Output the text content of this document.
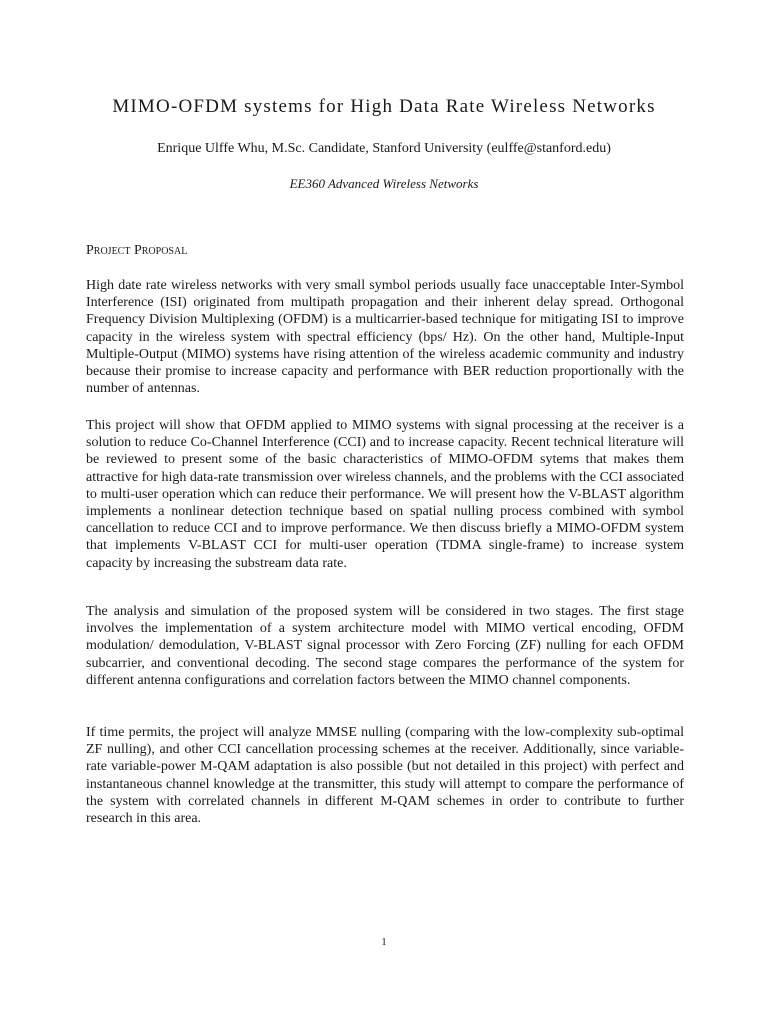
MIMO-OFDM systems for High Data Rate Wireless Networks

Enrique Ulffe Whu, M.Sc. Candidate, Stanford University (eulffe@stanford.edu)

EE360 Advanced Wireless Networks

Project Proposal

High date rate wireless networks with very small symbol periods usually face unacceptable Inter-Symbol Interference (ISI) originated from multipath propagation and their inherent delay spread. Orthogonal Frequency Division Multiplexing (OFDM) is a multicarrier-based technique for mitigating ISI to improve capacity in the wireless system with spectral efficiency (bps/ Hz). On the other hand, Multiple-Input Multiple-Output (MIMO) systems have rising attention of the wireless academic community and industry because their promise to increase capacity and performance with BER reduction proportionally with the number of antennas.

This project will show that OFDM applied to MIMO systems with signal processing at the receiver is a solution to reduce Co-Channel Interference (CCI) and to increase capacity. Recent technical literature will be reviewed to present some of the basic characteristics of MIMO-OFDM sytems that makes them attractive for high data-rate transmission over wireless channels, and the problems with the CCI associated to multi-user operation which can reduce their performance. We will present how the V-BLAST algorithm implements a nonlinear detection technique based on spatial nulling process combined with symbol cancellation to reduce CCI and to improve performance. We then discuss briefly a MIMO-OFDM system that implements V-BLAST CCI for multi-user operation (TDMA single-frame) to increase system capacity by increasing the substream data rate.

The analysis and simulation of the proposed system will be considered in two stages. The first stage involves the implementation of a system architecture model with MIMO vertical encoding, OFDM modulation/ demodulation, V-BLAST signal processor with Zero Forcing (ZF) nulling for each OFDM subcarrier, and conventional decoding. The second stage compares the performance of the system for different antenna configurations and correlation factors between the MIMO channel components.

If time permits, the project will analyze MMSE nulling (comparing with the low-complexity sub-optimal ZF nulling), and other CCI cancellation processing schemes at the receiver. Additionally, since variable-rate variable-power M-QAM adaptation is also possible (but not detailed in this project) with perfect and instantaneous channel knowledge at the transmitter, this study will attempt to compare the performance of the system with correlated channels in different M-QAM schemes in order to contribute to further research in this area.

1
